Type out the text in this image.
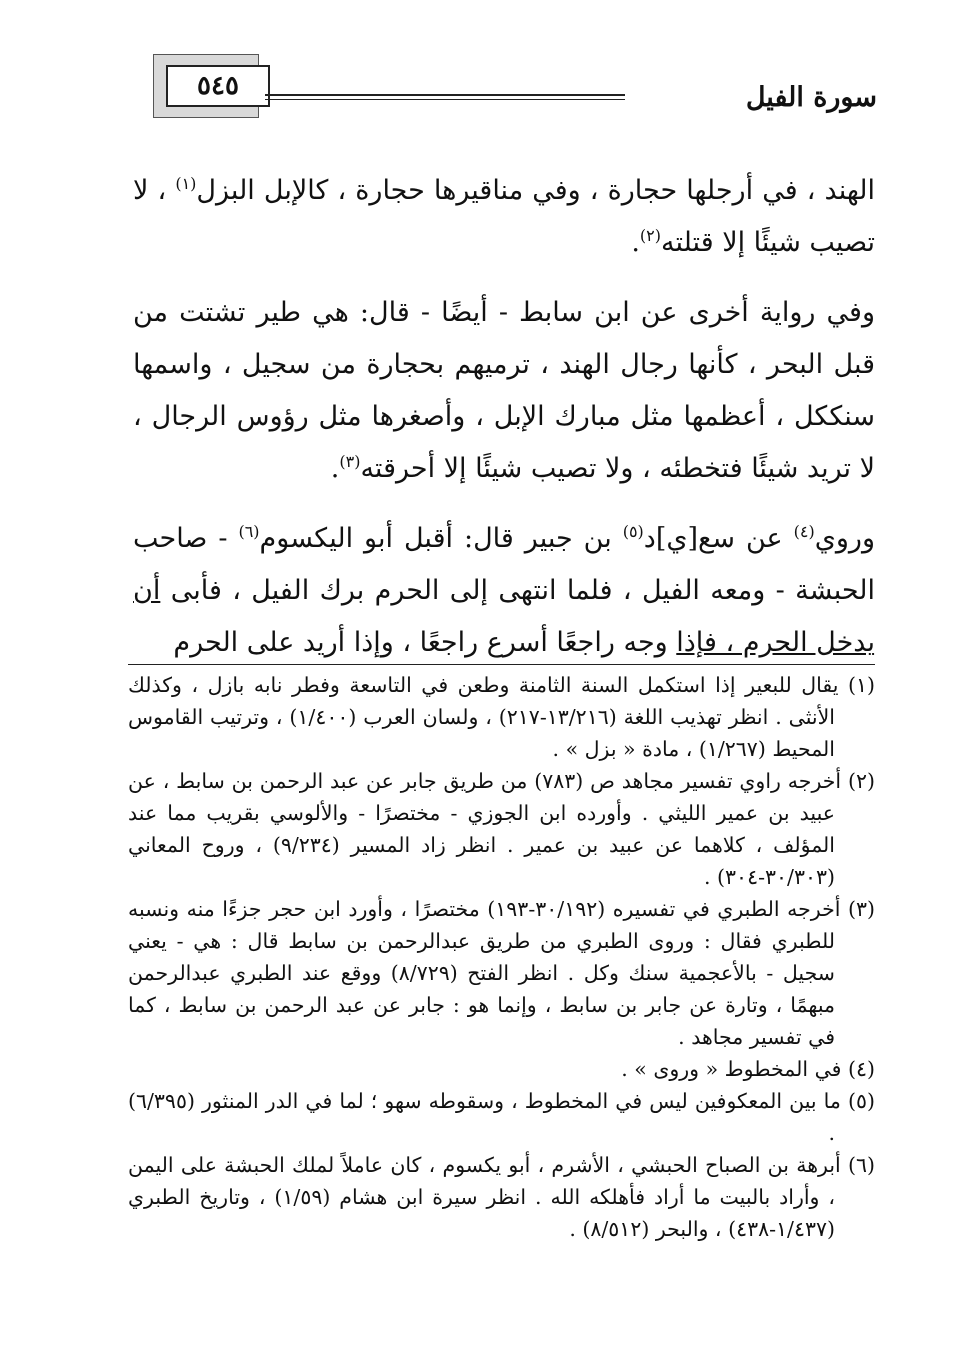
٥٤٥	سورة الفيل

الهند ، في أرجلها حجارة ، وفي مناقيرها حجارة ، كالإبل البزل$^{(١)}$ ، لا تصيب شيئًا إلا قتلته$^{(٢)}$.

وفي رواية أخرى عن ابن سابط - أيضًا - قال: هي طير تشتت من قبل البحر ، كأنها رجال الهند ، ترميهم بحجارة من سجيل ، واسمها سنككل ، أعظمها مثل مبارك الإبل ، وأصغرها مثل رؤوس الرجال ، لا تريد شيئًا فتخطئه ، ولا تصيب شيئًا إلا أحرقته$^{(٣)}$.

وروي$^{(٤)}$ عن سع[ي]د$^{(٥)}$ بن جبير قال: أقبل أبو اليكسوم$^{(٦)}$ - صاحب الحبشة - ومعه الفيل ، فلما انتهى إلى الحرم برك الفيل ، فأبى أن يدخل الحرم ، فإذا وجه راجعًا أسرع راجعًا ، وإذا أريد على الحرم

(١) يقال للبعير إذا استكمل السنة الثامنة وطعن في التاسعة وفطر نابه بازل ، وكذلك الأنثى . انظر تهذيب اللغة (١٣/٢١٦-٢١٧) ، ولسان العرب (١/٤٠٠) ، وترتيب القاموس المحيط (١/٢٦٧) ، مادة « بزل » .

(٢) أخرجه راوي تفسير مجاهد ص (٧٨٣) من طريق جابر عن عبد الرحمن بن سابط ، عن عبيد بن عمير الليثي . وأورده ابن الجوزي - مختصرًا - والألوسي بقريب مما عند المؤلف ، كلاهما عن عبيد بن عمير . انظر زاد المسير (٩/٢٣٤) ، وروح المعاني (٣٠/٣٠٣-٣٠٤) .

(٣) أخرجه الطبري في تفسيره (٣٠/١٩٢-١٩٣) مختصرًا ، وأورد ابن حجر جزءًا منه ونسبه للطبري فقال : وروى الطبري من طريق عبدالرحمن بن سابط قال : هي - يعني سجيل - بالأعجمية سنك وكل . انظر الفتح (٨/٧٢٩) ووقع عند الطبري عبدالرحمن مبهمًا ، وتارة عن جابر بن سابط ، وإنما هو : جابر عن عبد الرحمن بن سابط ، كما في تفسير مجاهد .

(٤) في المخطوط « وروى » .

(٥) ما بين المعكوفين ليس في المخطوط ، وسقوطه سهو ؛ لما في الدر المنثور (٦/٣٩٥) .

(٦) أبرهة بن الصباح الحبشي ، الأشرم ، أبو يكسوم ، كان عاملاً لملك الحبشة على اليمن ، وأراد بالبيت ما أراد فأهلكه الله . انظر سيرة ابن هشام (١/٥٩) ، وتاريخ الطبري (١/٤٣٧-٤٣٨) ، والبحر (٨/٥١٢) .
